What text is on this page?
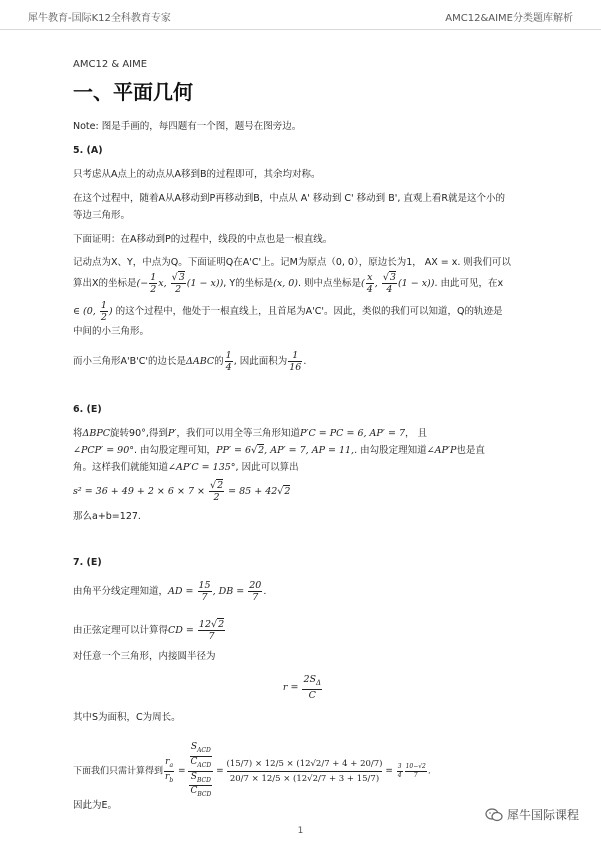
犀牛教育-国际K12全科教育专家	AMC12&AIME分类题库解析

AMC12 & AIME

一、平面几何

Note: 图是手画的，每四题有一个图，题号在图旁边。

5. (A)

只考虑从A点上的动点从A移到B的过程即可，其余均对称。

在这个过程中，随着A从A移动到P再移动到B，中点从 A' 移动到 C' 移动到 B', 直观上看R就是这个小的

等边三角形。

下面证明：在A移动到P的过程中，线段的中点也是一根直线。

记动点为X、Y，中点为Q。下面证明Q在A'C'上。记M为原点（0, 0），原边长为1， AX = x. 则我们可以

算出X的坐标是(− $\frac{1}{2} x$, $\frac{√3}{2} (1 - x)$), Y的坐标是(x, 0). 则中点坐标是( $\frac{x}{4}$ , $\frac{√3}{4} (1 - x)$). 由此可见，在x

∈ (0, $\frac{1}{2}$ ) 的这个过程中，他处于一根直线上，且首尾为A'C'。因此，类似的我们可以知道，Q的轨迹是

中间的小三角形。

而小三角形A'B'C'的边长是ΔABC的 $\frac{1}{4}$ , 因此面积为 $\frac{1}{16}$ .

6. (E)

将ΔBPC旋转90°,得到P′，我们可以用全等三角形知道P′C = PC = 6, AP′ = 7， 且

∠PCP′ = 90°. 由勾股定理可知，PP′ = 6√2, AP′ = 7, AP = 11,. 由勾股定理知道∠AP′P也是直

角。这样我们就能知道∠AP′C = 135°, 因此可以算出

$s^2 = 36 + 49 + 2 \times 6 \times 7 \times \frac{√2}{2} = 85 + 42√2$

那么a+b=127.

7. (E)

由角平分线定理知道，AD = $\frac{15}{7}$ , DB = $\frac{20}{7}$ .

由正弦定理可以计算得CD = $\frac{12√2}{7}$

对任意一个三角形，内接圆半径为

$r = \frac{2S_\Delta}{C}$

其中S为面积，C为周长。

下面我们只需计算得到 $\frac{r_a}{r_b} = \frac{\frac{S_{ACD}}{C_{ACD}}}{\frac{S_{BCD}}{C_{BCD}}} = \frac{(15/7) \times 12/5 \times (12√2/7 + 4 + 20/7)}{20/7 \times 12/5 \times (12√2/7 + 3 + 15/7)} = \frac{3}{4} \frac{10-√2}{7}$ .

因此为E。

犀牛国际课程
1
